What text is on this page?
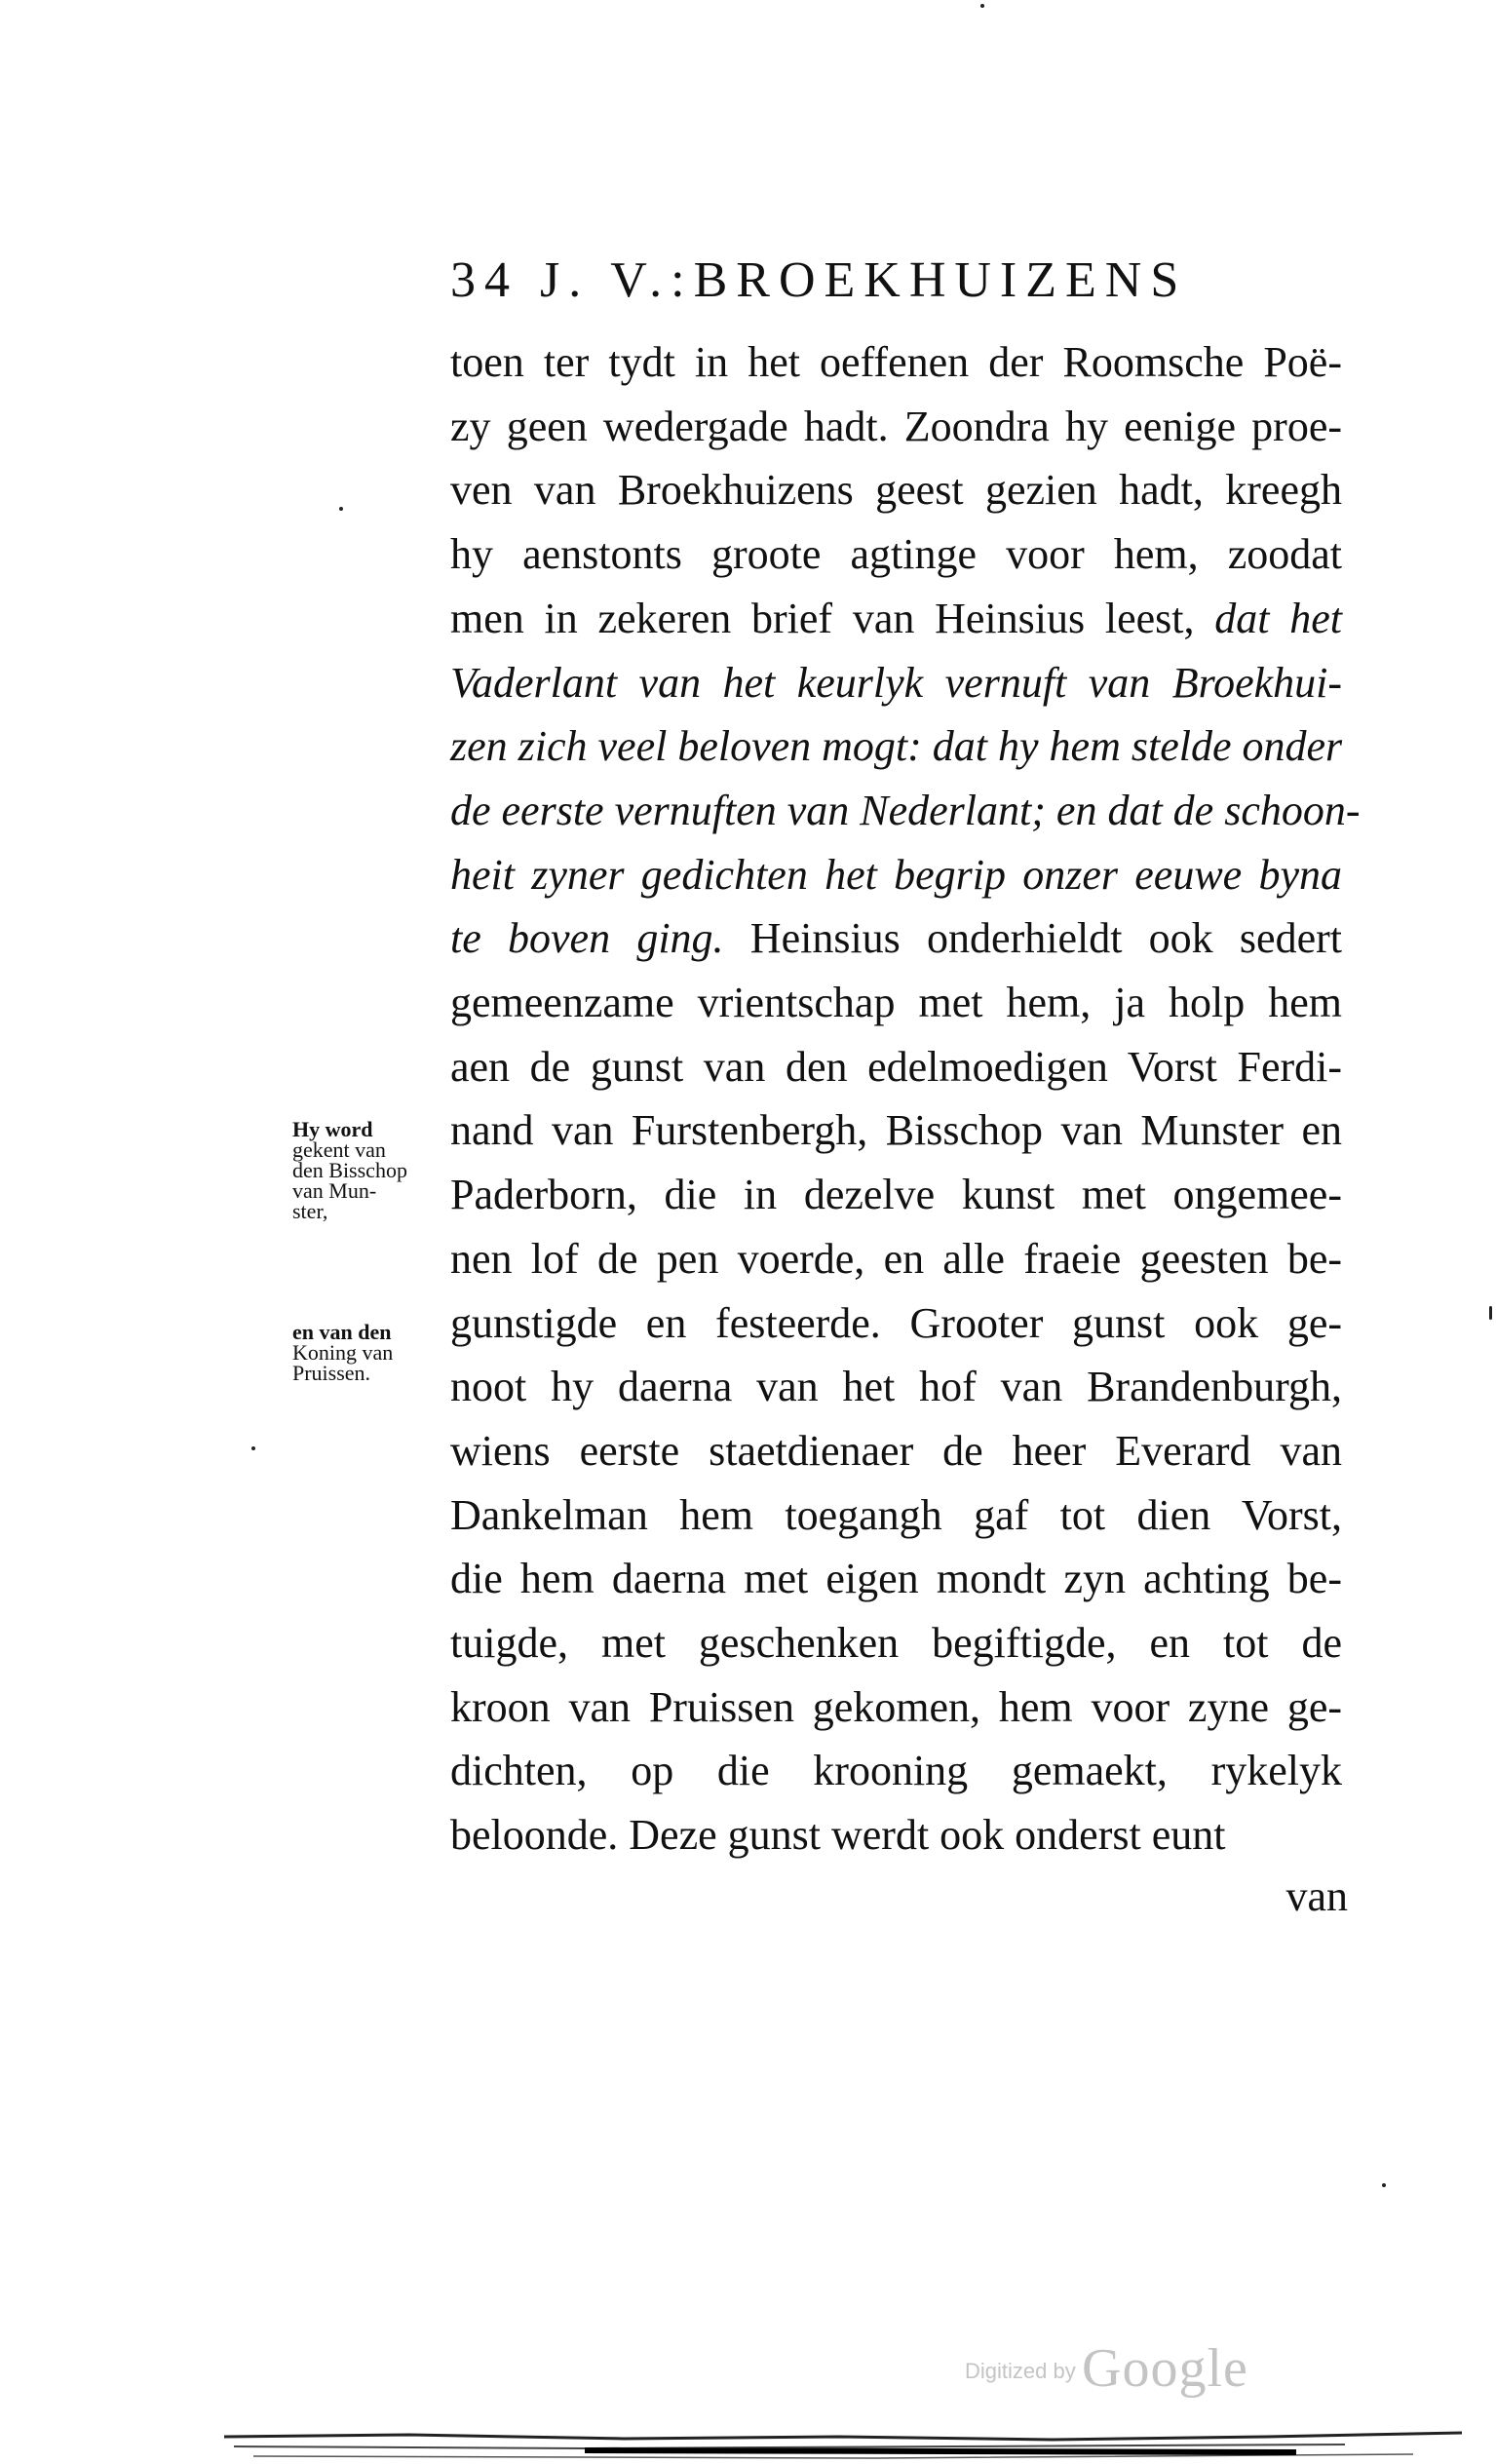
34 J. V.:BROEKHUIZENS
toen ter tydt in het oeffenen der Roomsche Poë-
zy geen wedergade hadt. Zoondra hy eenige proe-
ven van Broekhuizens geest gezien hadt, kreegh
hy aenstonts groote agtinge voor hem, zoodat
men in zekeren brief van Heinsius leest, dat het
Vaderlant van het keurlyk vernuft van Broekhui-
zen zich veel beloven mogt: dat hy hem stelde onder
de eerste vernuften van Nederlant; en dat de schoon-
heit zyner gedichten het begrip onzer eeuwe byna
te boven ging. Heinsius onderhieldt ook sedert
gemeenzame vrientschap met hem, ja holp hem
aen de gunst van den edelmoedigen Vorst Ferdi-
nand van Furstenbergh, Bisschop van Munster en
Paderborn, die in dezelve kunst met ongemee-
nen lof de pen voerde, en alle fraeie geesten be-
gunstigde en festeerde. Grooter gunst ook ge-
noot hy daerna van het hof van Brandenburgh,
wiens eerste staetdienaer de heer Everard van
Dankelman hem toegangh gaf tot dien Vorst,
die hem daerna met eigen mondt zyn achting be-
tuigde, met geschenken begiftigde, en tot de
kroon van Pruissen gekomen, hem voor zyne ge-
dichten, op die krooning gemaekt, rykelyk
beloonde. Deze gunst werdt ook onderst eunt
van
Hy word
gekent van
den Bisschop
van Mun-
ster,
en van den
Koning van
Pruissen.
Digitized by Google
